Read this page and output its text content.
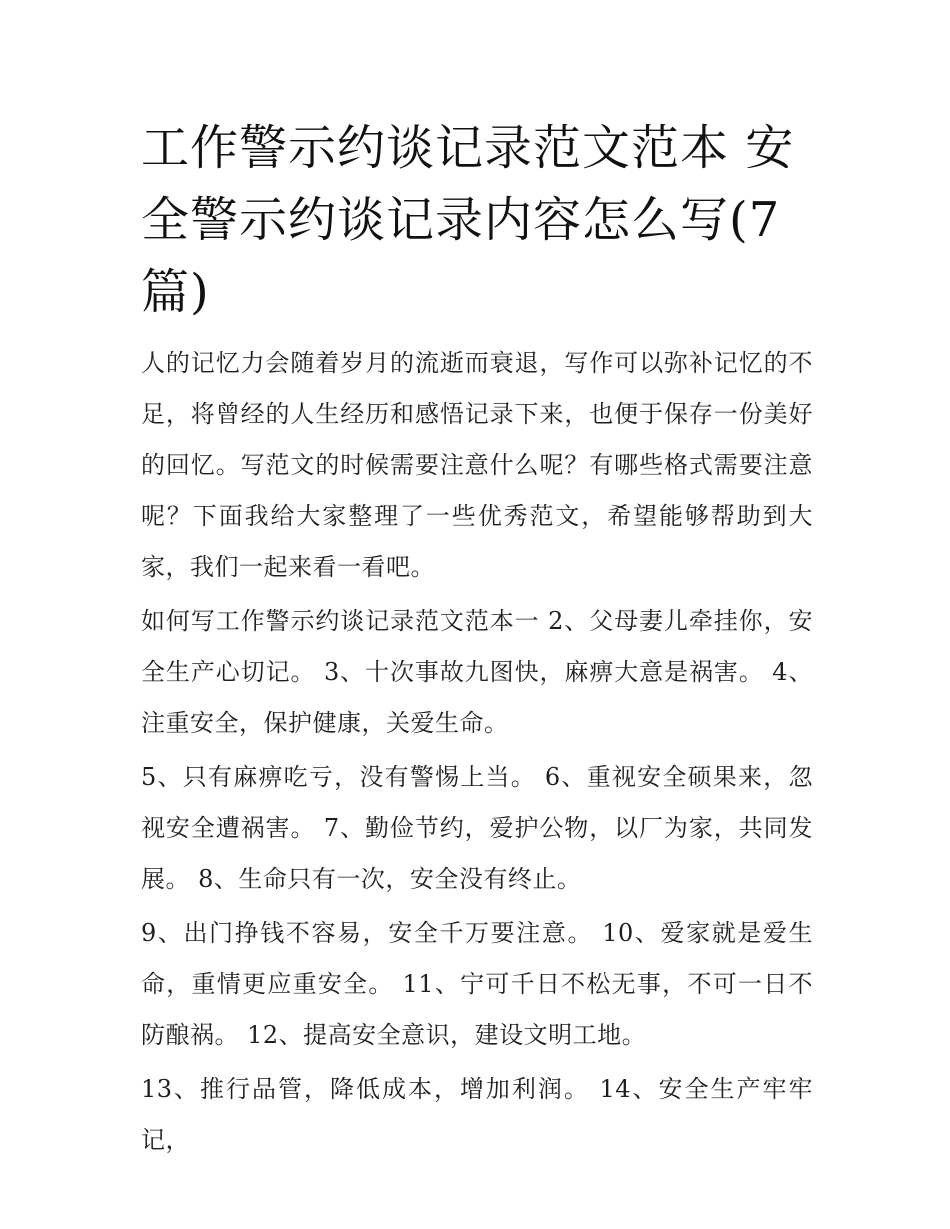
工作警示约谈记录范文范本 安全警示约谈记录内容怎么写(7篇)

人的记忆力会随着岁月的流逝而衰退，写作可以弥补记忆的不足，将曾经的人生经历和感悟记录下来，也便于保存一份美好的回忆。写范文的时候需要注意什么呢？有哪些格式需要注意呢？下面我给大家整理了一些优秀范文，希望能够帮助到大家，我们一起来看一看吧。

如何写工作警示约谈记录范文范本一 2、父母妻儿牵挂你，安全生产心切记。 3、十次事故九图快，麻痹大意是祸害。 4、注重安全，保护健康，关爱生命。

5、只有麻痹吃亏，没有警惕上当。 6、重视安全硕果来，忽视安全遭祸害。 7、勤俭节约，爱护公物，以厂为家，共同发展。 8、生命只有一次，安全没有终止。

9、出门挣钱不容易，安全千万要注意。 10、爱家就是爱生命，重情更应重安全。 11、宁可千日不松无事，不可一日不防酿祸。 12、提高安全意识，建设文明工地。

13、推行品管，降低成本，增加利润。 14、安全生产牢牢记，
